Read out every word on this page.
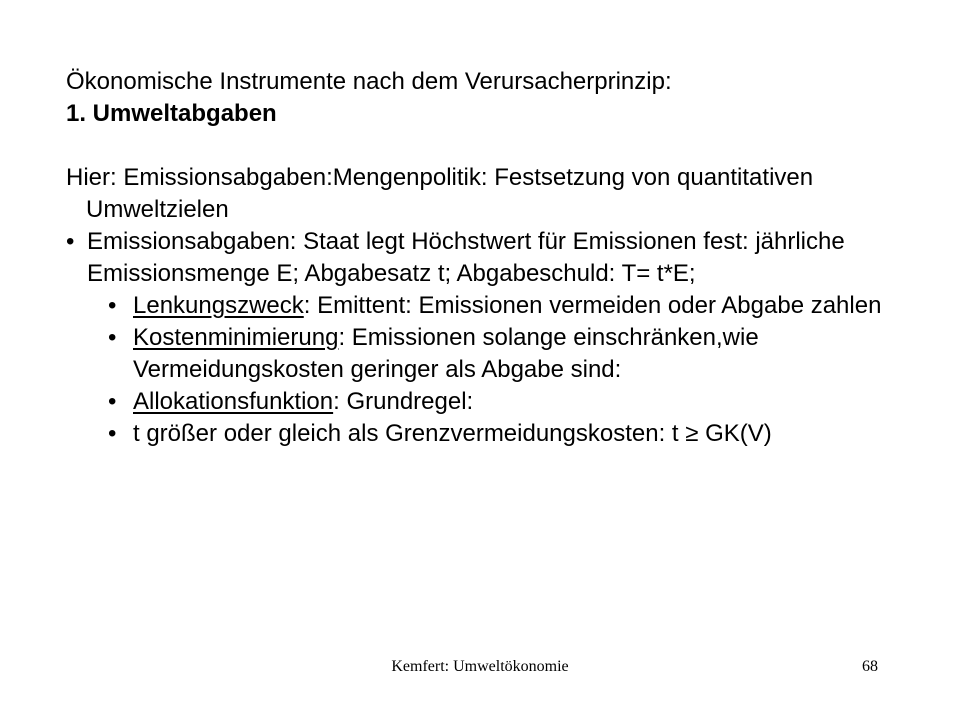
Ökonomische Instrumente nach dem Verursacherprinzip:

1. Umweltabgaben

Hier: Emissionsabgaben:Mengenpolitik: Festsetzung von quantitativen Umweltzielen

• Emissionsabgaben: Staat legt Höchstwert für Emissionen fest: jährliche Emissionsmenge E; Abgabesatz t; Abgabeschuld: T= t*E;
• Lenkungszweck: Emittent: Emissionen vermeiden oder Abgabe zahlen
• Kostenminimierung: Emissionen solange einschränken,wie Vermeidungskosten geringer als Abgabe sind:
• Allokationsfunktion: Grundregel:
• t größer oder gleich als Grenzvermeidungskosten: t ≥ GK(V)
Kemfert: Umweltökonomie	68
